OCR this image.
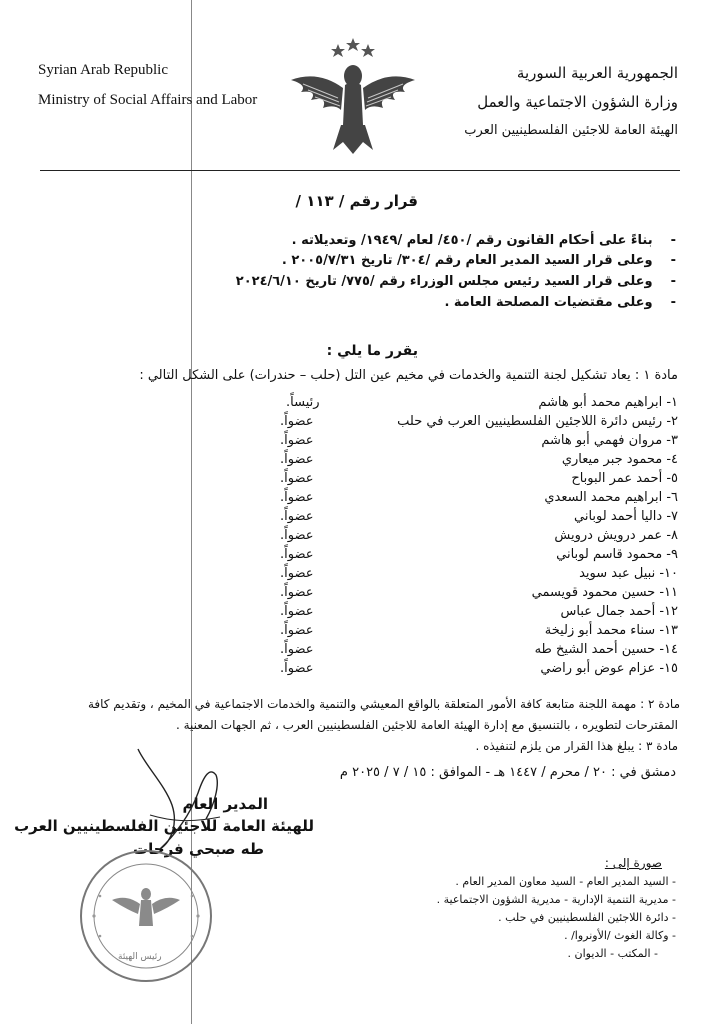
Syrian Arab Republic
Ministry of Social Affairs and Labor
الجمهورية العربية السورية
وزارة الشؤون الاجتماعية والعمل
الهيئة العامة للاجئين الفلسطينيين العرب
قرار رقم / ١١٣ /
-بناءً على أحكام القانون رقم /٤٥٠/ لعام /١٩٤٩/ وتعديلاته .
-وعلى قرار السيد المدير العام رقم /٣٠٤/ تاريخ ٢٠٠٥/٧/٣١ .
-وعلى قرار السيد رئيس مجلس الوزراء رقم /٧٧٥/ تاريخ ٢٠٢٤/٦/١٠
-وعلى مقتضيات المصلحة العامة .
يقرر ما يلي :
مادة ١ : يعاد تشكيل لجنة التنمية والخدمات في مخيم عين التل (حلب – حندرات) على الشكل التالي :
١- ابراهيم محمد أبو هاشم
رئيساً.
٢- رئيس دائرة اللاجئين الفلسطينيين العرب في حلب
عضواً.
٣- مروان فهمي أبو هاشم
عضواً.
٤- محمود جبر ميعاري
عضواً.
٥- أحمد عمر البوباح
عضواً.
٦- ابراهيم محمد السعدي
عضواً.
٧- داليا أحمد لوباني
عضواً.
٨- عمر درويش درويش
عضواً.
٩- محمود قاسم لوباني
عضواً.
١٠- نبيل عبد سويد
عضواً.
١١- حسين محمود قويسمي
عضواً.
١٢- أحمد جمال عباس
عضواً.
١٣- سناء محمد أبو زليخة
عضواً.
١٤- حسين أحمد الشيخ طه
عضواً.
١٥- عزام عوض أبو راضي
عضواً.
مادة ٢ : مهمة اللجنة متابعة كافة الأمور المتعلقة بالواقع المعيشي والتنمية والخدمات الاجتماعية في المخيم ، وتقديم كافة
المقترحات لتطويره ، بالتنسيق مع إدارة الهيئة العامة للاجئين الفلسطينيين العرب ، ثم الجهات المعنية .
مادة ٣ : يبلغ هذا القرار من يلزم لتنفيذه .
دمشق في : ٢٠ / محرم / ١٤٤٧ هـ - الموافق : ١٥ / ٧ / ٢٠٢٥ م
المدير العام
للهيئة العامة للاجئين الفلسطينيين العرب
طه صبحي فرحات
رئيس الهيئة
صورة إلى :
- السيد المدير العام - السيد معاون المدير العام .
- مديرية التنمية الإدارية - مديرية الشؤون الاجتماعية .
- دائرة اللاجئين الفلسطينيين في حلب .
- وكالة الغوث /الأونروا/ .
- المكتب - الديوان .
